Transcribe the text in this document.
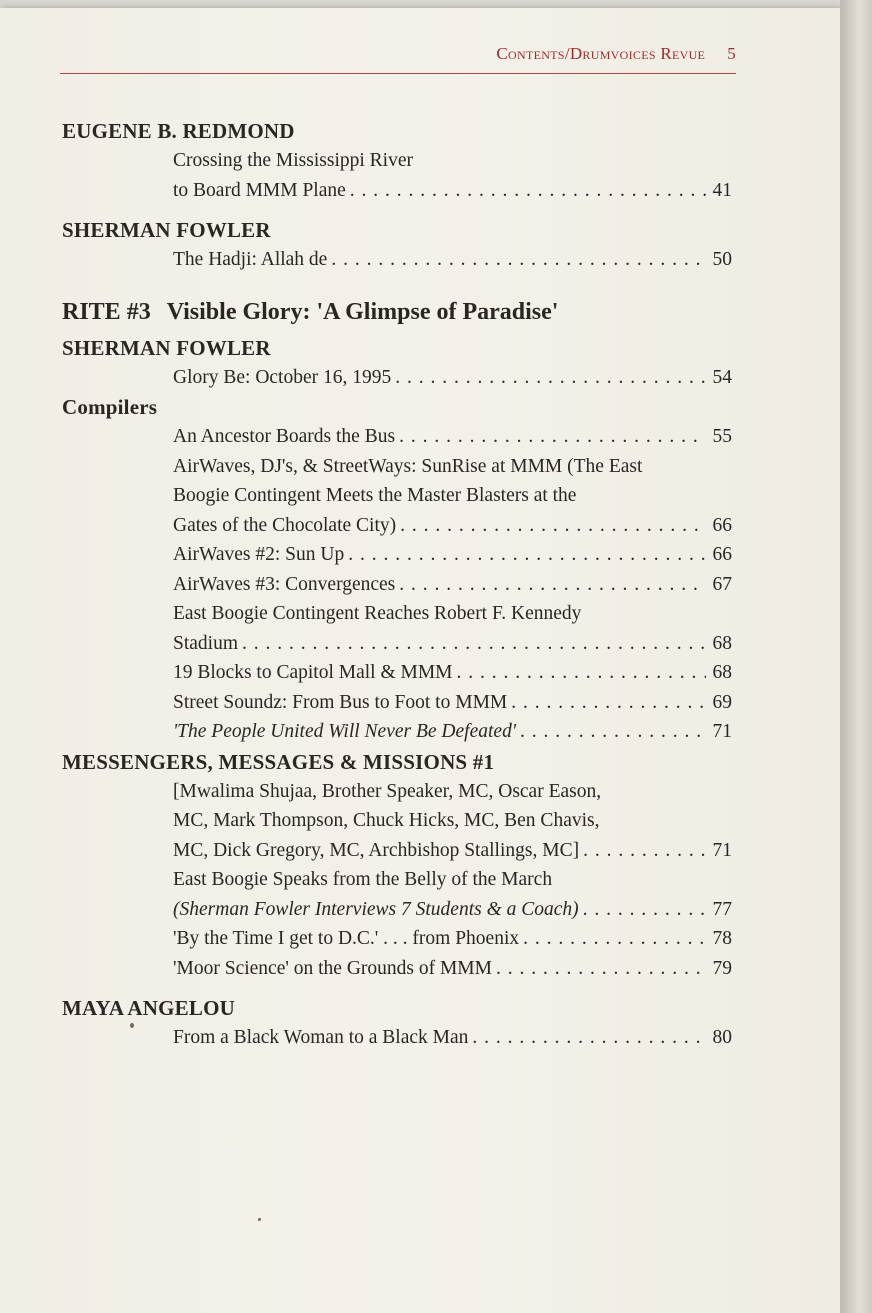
Contents/Drumvoices Revue 5
EUGENE B. REDMOND
Crossing the Mississippi River
to Board MMM Plane . . .	41
SHERMAN FOWLER
The Hadji: Allah de . . .	50
RITE #3 Visible Glory: 'A Glimpse of Paradise'
SHERMAN FOWLER
Glory Be: October 16, 1995 . . .	54
Compilers
An Ancestor Boards the Bus . . .	55
AirWaves, DJ's, & StreetWays: SunRise at MMM (The East
Boogie Contingent Meets the Master Blasters at the
Gates of the Chocolate City) . . .	66
AirWaves #2: Sun Up . . .	66
AirWaves #3: Convergences . . .	67
East Boogie Contingent Reaches Robert F. Kennedy
Stadium . . .	68
19 Blocks to Capitol Mall & MMM . . .	68
Street Soundz: From Bus to Foot to MMM . . .	69
'The People United Will Never Be Defeated' . . .	71
MESSENGERS, MESSAGES & MISSIONS #1
[Mwalima Shujaa, Brother Speaker, MC, Oscar Eason,
MC, Mark Thompson, Chuck Hicks, MC, Ben Chavis,
MC, Dick Gregory, MC, Archbishop Stallings, MC] . . .	71
East Boogie Speaks from the Belly of the March
(Sherman Fowler Interviews 7 Students & a Coach) . . .	77
'By the Time I get to D.C.' . . . from Phoenix . . .	78
'Moor Science' on the Grounds of MMM . . .	79
MAYA ANGELOU
From a Black Woman to a Black Man . . .	80
